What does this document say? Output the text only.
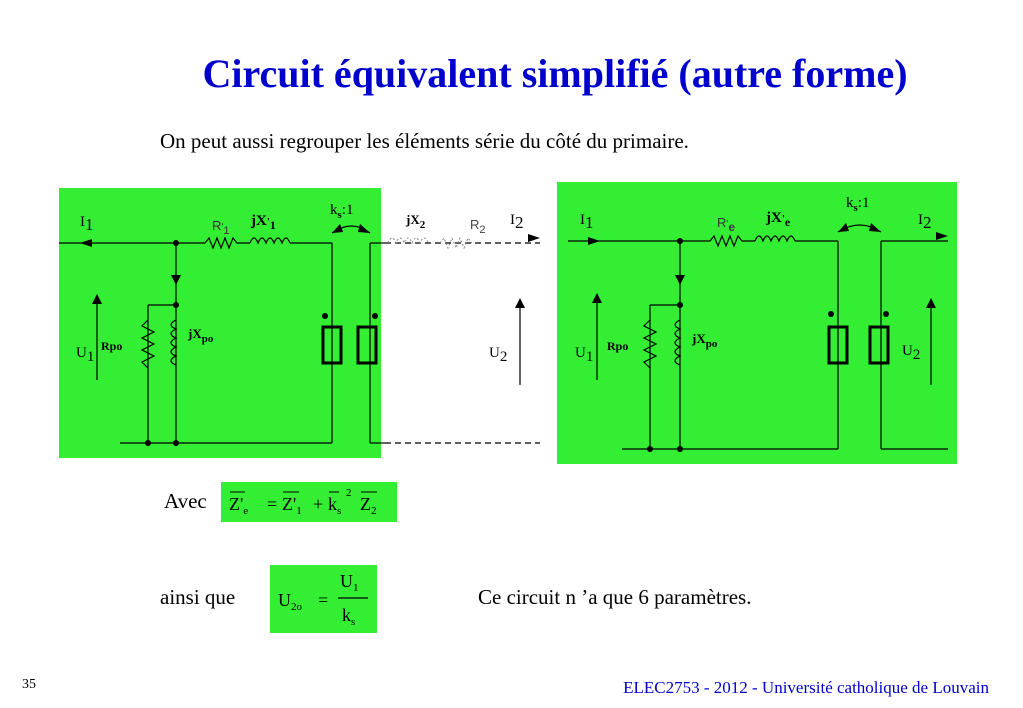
Circuit équivalent simplifié (autre forme)
On peut aussi regrouper les éléments série du côté du primaire.
I1	$R'_1$
$jX'_1$
$k_s:1$
Rpo
$jX_{po}$
U1
$jX_2$	$R_2$
I2
U2
I1	R'e
$jX'_e$
$k_s:1$
Rpo	$jX_{po}$
U1
I2
U2
Avec $Z'_e = Z'_1 + k_s$
2
$Z_2$
ainsi que $U_{2o}$ =
$U_1$
$k_s$
Ce circuit n ’a que 6 paramètres.
35	ELEC2753 - 2012 - Université catholique de Louvain
